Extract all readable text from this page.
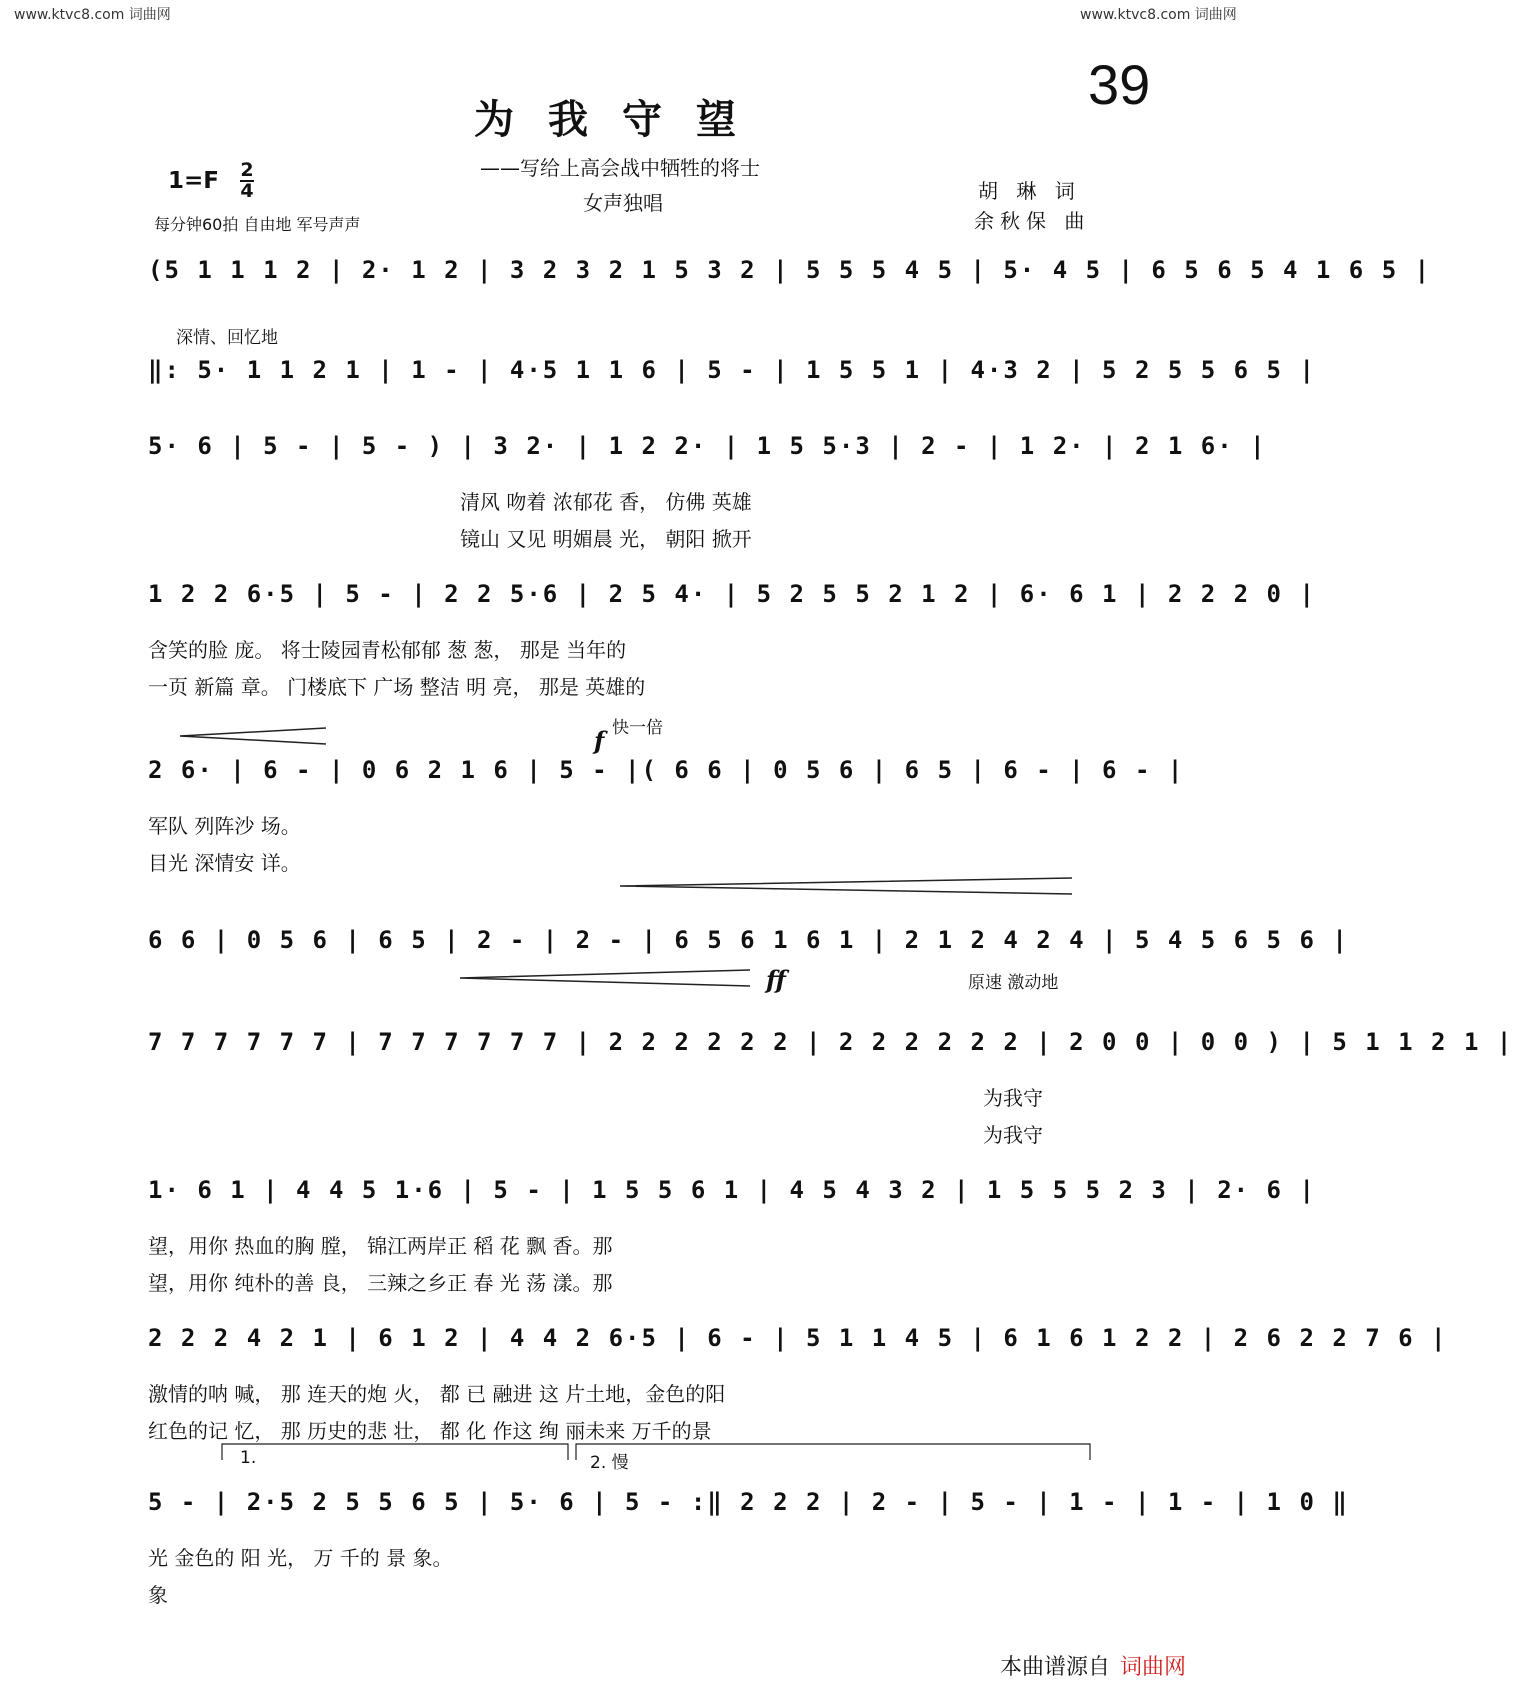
www.ktvc8.com 词曲网	www.ktvc8.com 词曲网
39
为我守望
——写给上高会战中牺牲的将士
女声独唱	胡 琳 词
余秋保 曲
1=F 2
4
每分钟60拍 自由地 军号声声
深情、回忆地
快一倍
f
ff	原速 激动地
1.	2. 慢
(5 1 1 1 2 | 2· 1 2 | 3 2 3 2 1 5 3 2 | 5 5 5 4 5 | 5· 4 5 | 6 5 6 5 4 1 6 5 |
‖: 5· 1 1 2 1 | 1 - | 4·5 1 1 6 | 5 - | 1 5 5 1 | 4·3 2 | 5 2 5 5 6 5 |
5· 6 | 5 - | 5 - ) | 3 2· | 1 2 2· | 1 5 5·3 | 2 - | 1 2· | 2 1 6· |
清风 吻着 浓郁花 香， 仿佛 英雄
镜山 又见 明媚晨 光， 朝阳 掀开
1 2 2 6·5 | 5 - | 2 2 5·6 | 2 5 4· | 5 2 5 5 2 1 2 | 6· 6 1 | 2 2 2 0 |
含笑的脸 庞。 将士陵园青松郁郁 葱 葱， 那是 当年的
一页 新篇 章。 门楼底下 广场 整洁 明 亮， 那是 英雄的
2 6· | 6 - | 0 6 2 1 6 | 5 - |( 6 6 | 0 5 6 | 6 5 | 6 - | 6 - |
军队 列阵沙 场。
目光 深情安 详。
6 6 | 0 5 6 | 6 5 | 2 - | 2 - | 6 5 6 1 6 1 | 2 1 2 4 2 4 | 5 4 5 6 5 6 |
7 7 7 7 7 7 | 7 7 7 7 7 7 | 2 2 2 2 2 2 | 2 2 2 2 2 2 | 2 0 0 | 0 0 ) | 5 1 1 2 1 |
为我守
为我守
1· 6 1 | 4 4 5 1·6 | 5 - | 1 5 5 6 1 | 4 5 4 3 2 | 1 5 5 5 2 3 | 2· 6 |
望，用你 热血的胸 膛， 锦江两岸正 稻 花 飘 香。那
望，用你 纯朴的善 良， 三辣之乡正 春 光 荡 漾。那
2 2 2 4 2 1 | 6 1 2 | 4 4 2 6·5 | 6 - | 5 1 1 4 5 | 6 1 6 1 2 2 | 2 6 2 2 7 6 |
激情的呐 喊， 那 连天的炮 火， 都 已 融进 这 片土地，金色的阳
红色的记 忆， 那 历史的悲 壮， 都 化 作这 绚 丽未来 万千的景
5 - | 2·5 2 5 5 6 5 | 5· 6 | 5 - :‖ 2 2 2 | 2 - | 5 - | 1 - | 1 - | 1 0 ‖
光 金色的 阳 光， 万 千的 景 象。
象
本曲谱源自 词曲网
